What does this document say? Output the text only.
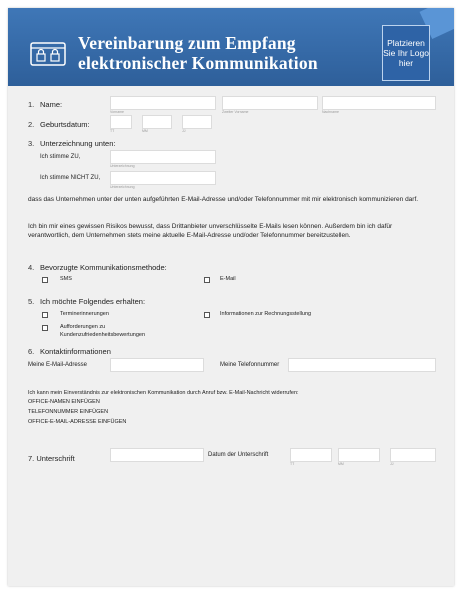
Vereinbarung zum Empfang
elektronischer Kommunikation
Platzieren Sie Ihr Logo hier
1. Name:
Vorname	Zweiter Vorname	Nachname
2. Geburtsdatum:
TT	MM	JJ
3. Unterzeichnung unten:
Ich stimme ZU,
Unterzeichnung
Ich stimme NICHT ZU,
Unterzeichnung
dass das Unternehmen unter der unten aufgeführten E-Mail-Adresse und/oder Telefonnummer mit mir elektronisch kommunizieren darf.
Ich bin mir eines gewissen Risikos bewusst, dass Drittanbieter unverschlüsselte E-Mails lesen können. Außerdem bin ich dafür verantwortlich, dem Unternehmen stets meine aktuelle E-Mail-Adresse und/oder Telefonnummer bereitzustellen.
4. Bevorzugte Kommunikationsmethode:
SMS	E-Mail
5. Ich möchte Folgendes erhalten:
Terminerinnerungen	Informationen zur Rechnungsstellung
Aufforderungen zu
Kundenzufriedenheitsbewertungen
6. Kontaktinformationen
Meine E-Mail-Adresse	Meine Telefonnummer
Ich kann mein Einverständnis zur elektronischen Kommunikation durch Anruf bzw. E-Mail-Nachricht widerrufen:
OFFICE-NAMEN EINFÜGEN
TELEFONNUMMER EINFÜGEN
OFFICE-E-MAIL-ADRESSE EINFÜGEN
7. Unterschrift	Datum der Unterschrift
TT	MM	JJ
